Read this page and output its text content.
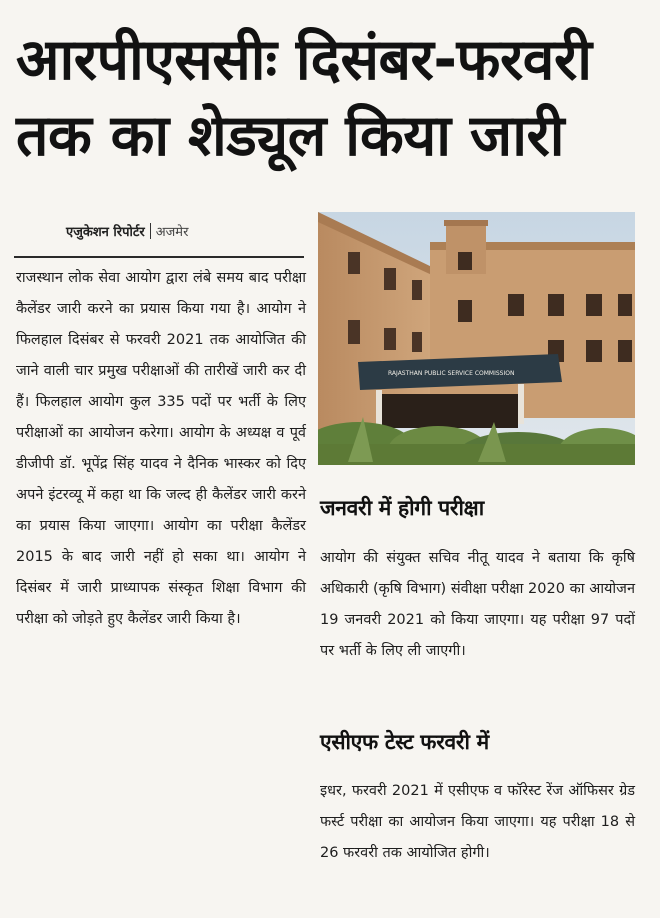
आरपीएससीः दिसंबर-फरवरी
तक का शेड्यूल किया जारी
एजुकेशन रिपोर्टर अजमेर

राजस्थान लोक सेवा आयोग द्वारा लंबे समय बाद परीक्षा कैलेंडर जारी करने का प्रयास किया गया है। आयोग ने फिलहाल दिसंबर से फरवरी 2021 तक आयोजित की जाने वाली चार प्रमुख परीक्षाओं की तारीखें जारी कर दी हैं। फिलहाल आयोग कुल 335 पदों पर भर्ती के लिए परीक्षाओं का आयोजन करेगा। आयोग के अध्यक्ष व पूर्व डीजीपी डॉ. भूपेंद्र सिंह यादव ने दैनिक भास्कर को दिए अपने इंटरव्यू में कहा था कि जल्द ही कैलेंडर जारी करने का प्रयास किया जाएगा। आयोग का परीक्षा कैलेंडर 2015 के बाद जारी नहीं हो सका था। आयोग ने दिसंबर में जारी प्राध्यापक संस्कृत शिक्षा विभाग की परीक्षा को जोड़ते हुए कैलेंडर जारी किया है।

RAJASTHAN PUBLIC SERVICE COMMISSION
जनवरी में होगी परीक्षा

आयोग की संयुक्त सचिव नीतू यादव ने बताया कि कृषि अधिकारी (कृषि विभाग) संवीक्षा परीक्षा 2020 का आयोजन 19 जनवरी 2021 को किया जाएगा। यह परीक्षा 97 पदों पर भर्ती के लिए ली जाएगी।

एसीएफ टेस्ट फरवरी में

इधर, फरवरी 2021 में एसीएफ व फॉरेस्ट रेंज ऑफिसर ग्रेड फर्स्ट परीक्षा का आयोजन किया जाएगा। यह परीक्षा 18 से 26 फरवरी तक आयोजित होगी।
